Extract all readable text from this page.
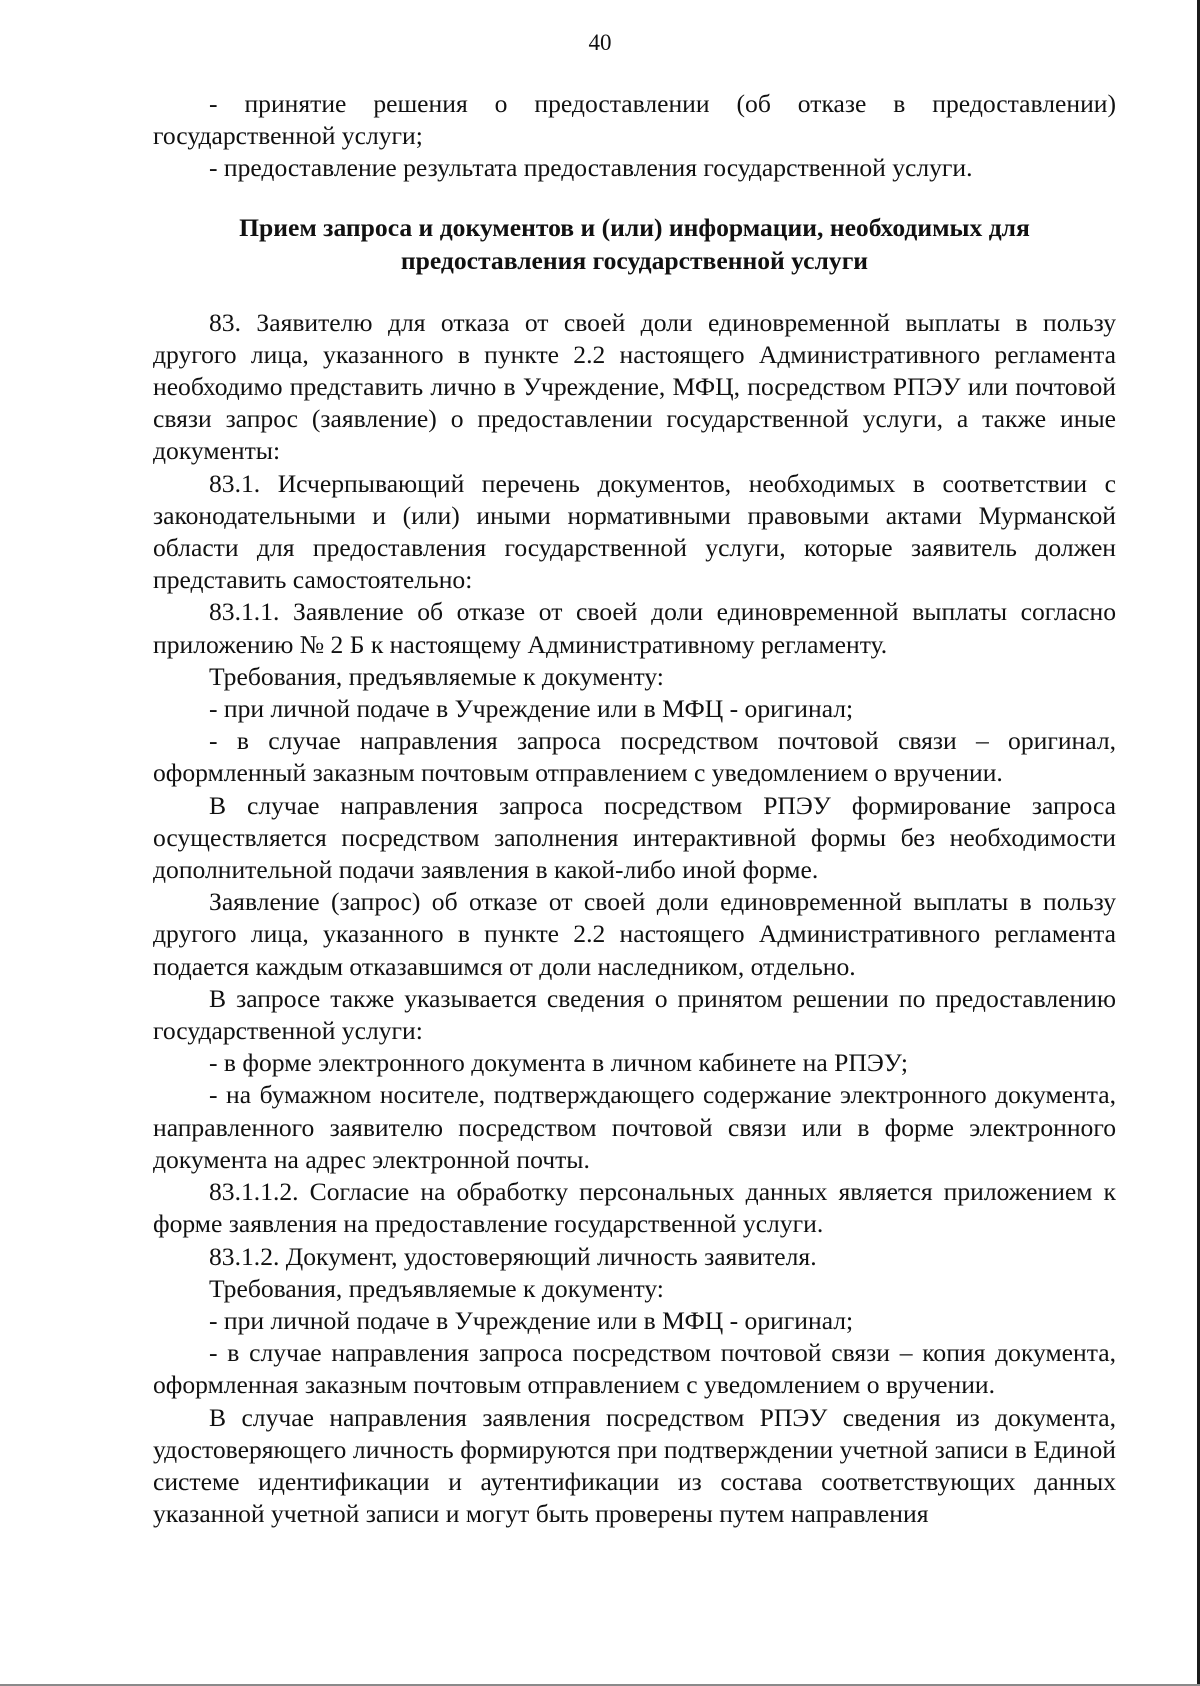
40

- принятие решения о предоставлении (об отказе в предоставлении) государственной услуги;

- предоставление результата предоставления государственной услуги.

Прием запроса и документов и (или) информации, необходимых для предоставления государственной услуги

83. Заявителю для отказа от своей доли единовременной выплаты в пользу другого лица, указанного в пункте 2.2 настоящего Административного регламента необходимо представить лично в Учреждение, МФЦ, посредством РПЭУ или почтовой связи запрос (заявление) о предоставлении государственной услуги, а также иные документы:

83.1. Исчерпывающий перечень документов, необходимых в соответствии с законодательными и (или) иными нормативными правовыми актами Мурманской области для предоставления государственной услуги, которые заявитель должен представить самостоятельно:

83.1.1. Заявление об отказе от своей доли единовременной выплаты согласно приложению № 2 Б к настоящему Административному регламенту.

Требования, предъявляемые к документу:

- при личной подаче в Учреждение или в МФЦ - оригинал;

- в случае направления запроса посредством почтовой связи – оригинал, оформленный заказным почтовым отправлением с уведомлением о вручении.

В случае направления запроса посредством РПЭУ формирование запроса осуществляется посредством заполнения интерактивной формы без необходимости дополнительной подачи заявления в какой-либо иной форме.

Заявление (запрос) об отказе от своей доли единовременной выплаты в пользу другого лица, указанного в пункте 2.2 настоящего Административного регламента подается каждым отказавшимся от доли наследником, отдельно.

В запросе также указывается сведения о принятом решении по предоставлению государственной услуги:

- в форме электронного документа в личном кабинете на РПЭУ;

- на бумажном носителе, подтверждающего содержание электронного документа, направленного заявителю посредством почтовой связи или в форме электронного документа на адрес электронной почты.

83.1.1.2. Согласие на обработку персональных данных является приложением к форме заявления на предоставление государственной услуги.

83.1.2. Документ, удостоверяющий личность заявителя.

Требования, предъявляемые к документу:

- при личной подаче в Учреждение или в МФЦ - оригинал;

- в случае направления запроса посредством почтовой связи – копия документа, оформленная заказным почтовым отправлением с уведомлением о вручении.

В случае направления заявления посредством РПЭУ сведения из документа, удостоверяющего личность формируются при подтверждении учетной записи в Единой системе идентификации и аутентификации из состава соответствующих данных указанной учетной записи и могут быть проверены путем направления
